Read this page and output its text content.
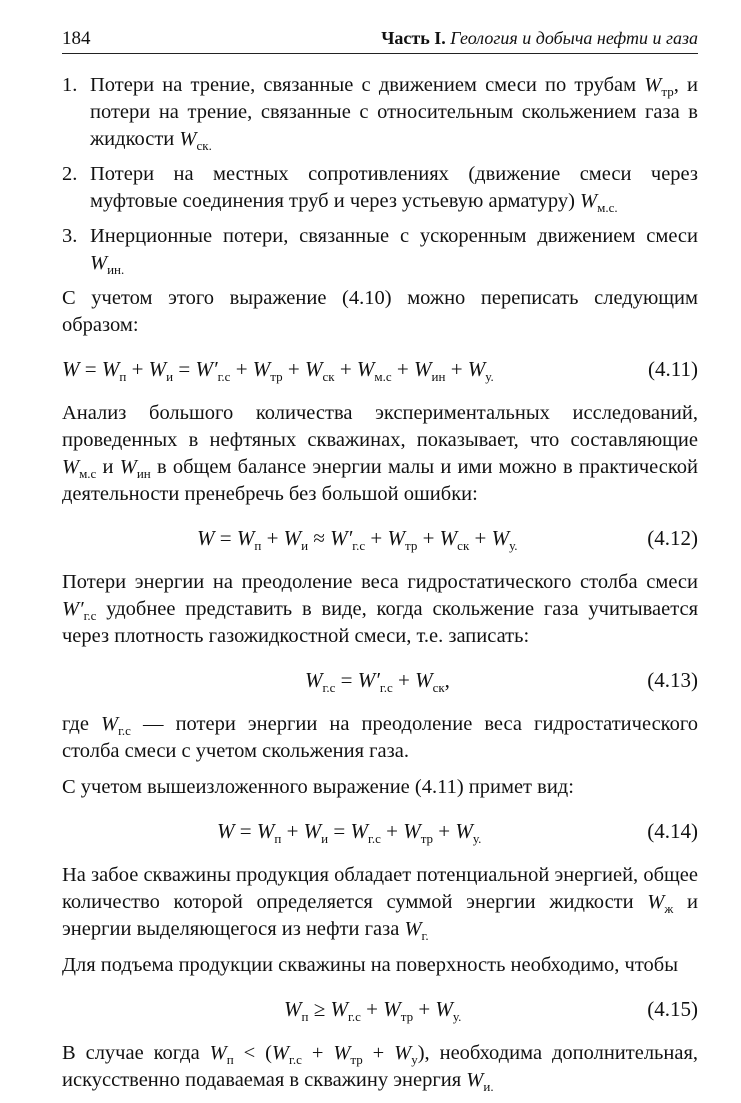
184	Часть I. Геология и добыча нефти и газа
1. Потери на трение, связанные с движением смеси по трубам $W_{тр}$, и потери на трение, связанные с относительным скольжением газа в жидкости $W_{ск.}$
2. Потери на местных сопротивлениях (движение смеси через муфтовые соединения труб и через устьевую арматуру) $W_{м.с.}$
3. Инерционные потери, связанные с ускоренным движением смеси $W_{ин.}$

С учетом этого выражение (4.10) можно переписать следующим образом:

$W = W_п + W_и = W'_{г.с} + W_{тр} + W_{ск} + W_{м.с} + W_{ин} + W_{у.}$	(4.11)

Анализ большого количества экспериментальных исследований, проведенных в нефтяных скважинах, показывает, что составляющие $W_{м.с}$ и $W_{ин}$ в общем балансе энергии малы и ими можно в практической деятельности пренебречь без большой ошибки:

$W = W_п + W_и \approx W'_{г.с} + W_{тр} + W_{ск} + W_{у.}$	(4.12)

Потери энергии на преодоление веса гидростатического столба смеси $W'_{г.с}$ удобнее представить в виде, когда скольжение газа учитывается через плотность газожидкостной смеси, т.е. записать:

$W_{г.с} = W'_{г.с} + W_{ск}$,	(4.13)

где $W_{г.с}$ — потери энергии на преодоление веса гидростатического столба смеси с учетом скольжения газа.

С учетом вышеизложенного выражение (4.11) примет вид:

$W = W_п + W_и = W_{г.с} + W_{тр} + W_{у.}$	(4.14)

На забое скважины продукция обладает потенциальной энергией, общее количество которой определяется суммой энергии жидкости $W_ж$ и энергии выделяющегося из нефти газа $W_{г.}$

Для подъема продукции скважины на поверхность необходимо, чтобы

$W_п \ge W_{г.с} + W_{тр} + W_{у.}$	(4.15)

В случае когда $W_п < (W_{г.с} + W_{тр} + W_у)$, необходима дополнительная, искусственно подаваемая в скважину энергия $W_{и.}$
